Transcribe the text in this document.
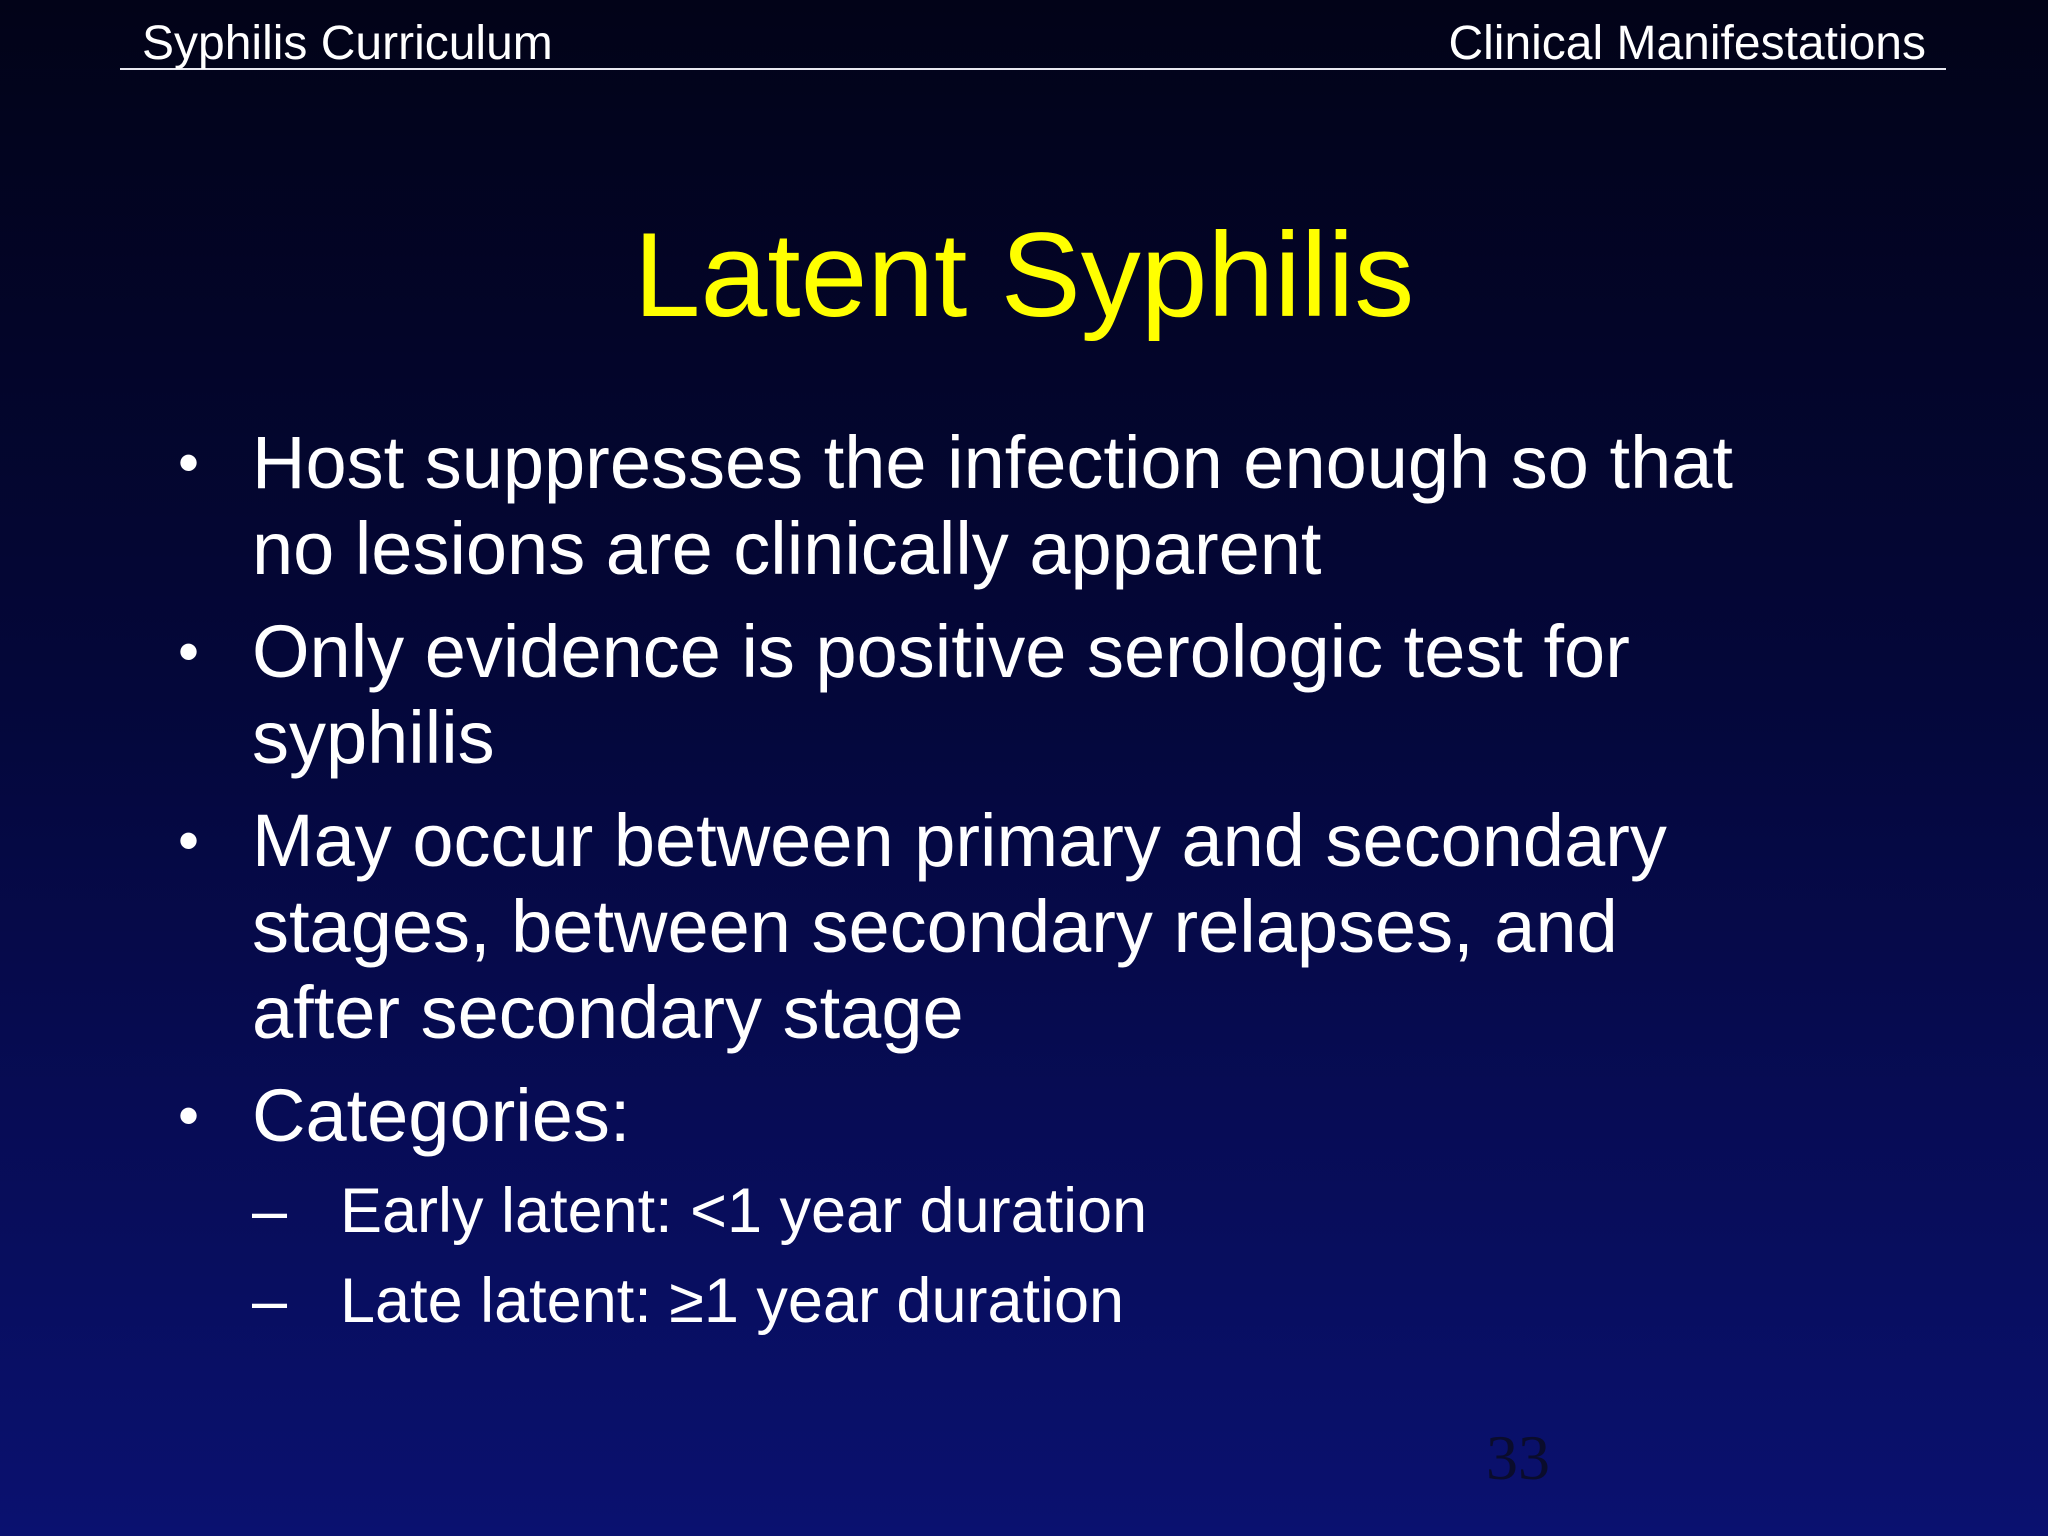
Syphilis Curriculum	Clinical Manifestations
Latent Syphilis
• Host suppresses the infection enough so that
no lesions are clinically apparent
• Only evidence is positive serologic test for
syphilis
• May occur between primary and secondary
stages, between secondary relapses, and
after secondary stage
• Categories:
– Early latent: <1 year duration
– Late latent: ≥1 year duration
33
